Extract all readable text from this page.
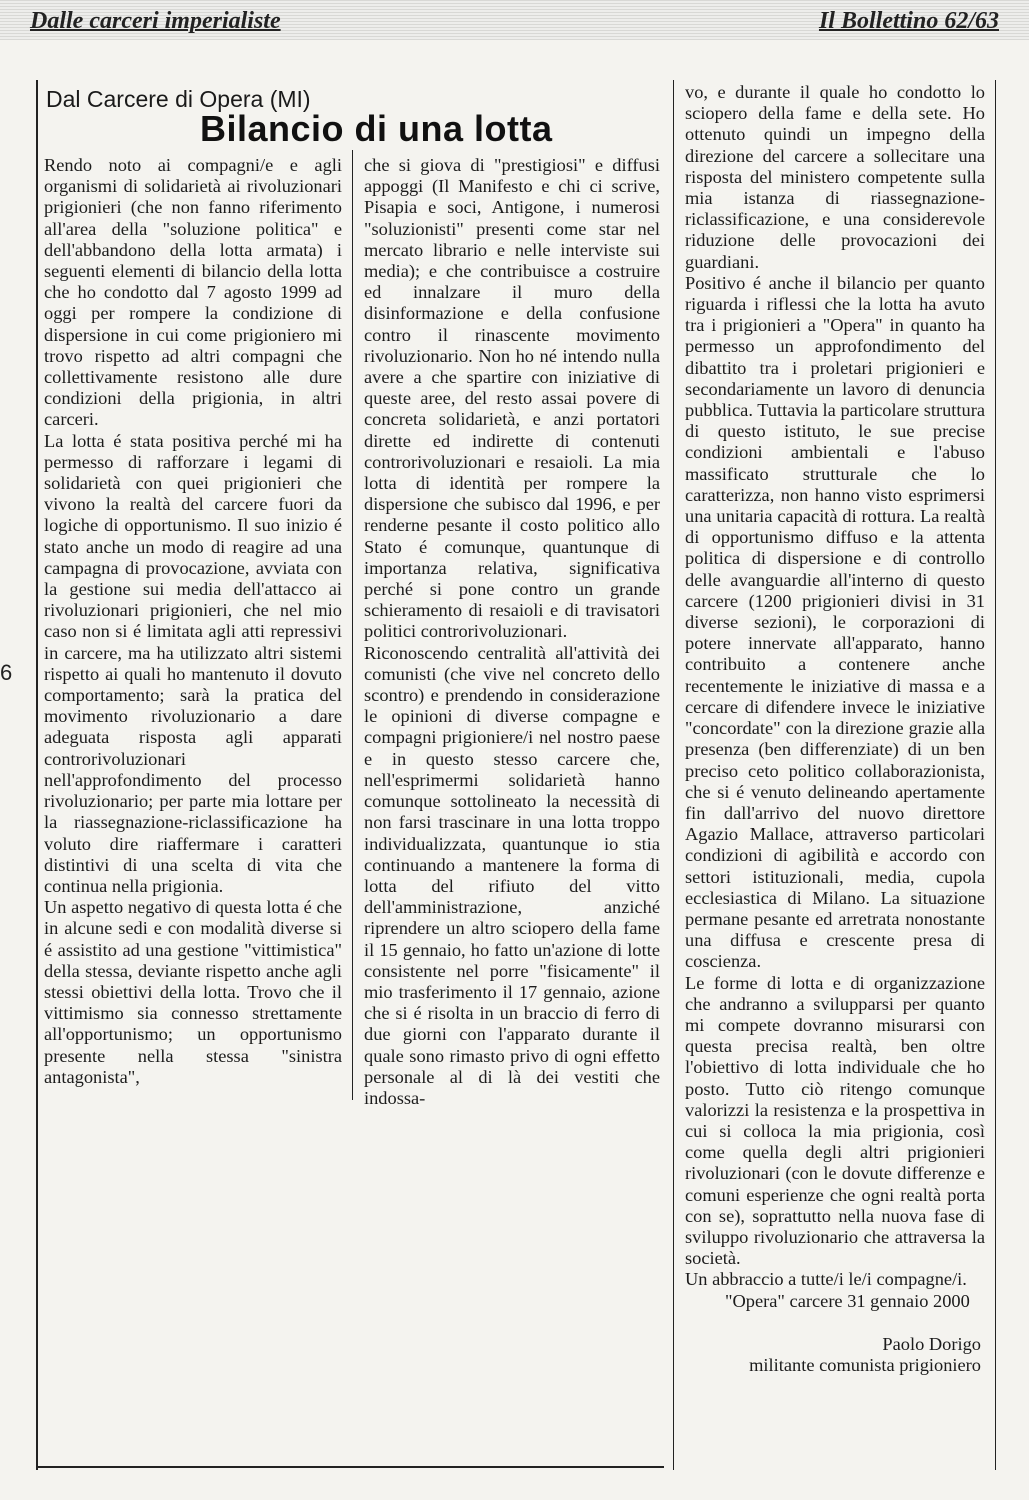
Dalle carceri imperialiste	Il Bollettino 62/63
6
Dal Carcere di Opera (MI)
Bilancio di una lotta

Rendo noto ai compagni/e e agli organismi di solidarietà ai rivoluzionari prigionieri (che non fanno riferimento all'area della "soluzione politica" e dell'abbandono della lotta armata) i seguenti elementi di bilancio della lotta che ho condotto dal 7 agosto 1999 ad oggi per rompere la condizione di dispersione in cui come prigioniero mi trovo rispetto ad altri compagni che collettivamente resistono alle dure condizioni della prigionia, in altri carceri.

La lotta é stata positiva perché mi ha permesso di rafforzare i legami di solidarietà con quei prigionieri che vivono la realtà del carcere fuori da logiche di opportunismo. Il suo inizio é stato anche un modo di reagire ad una campagna di provocazione, avviata con la gestione sui media dell'attacco ai rivoluzionari prigionieri, che nel mio caso non si é limitata agli atti repressivi in carcere, ma ha utilizzato altri sistemi rispetto ai quali ho mantenuto il dovuto comportamento; sarà la pratica del movimento rivoluzionario a dare adeguata risposta agli apparati controrivoluzionari nell'approfondimento del processo rivoluzionario; per parte mia lottare per la riassegnazione-riclassificazione ha voluto dire riaffermare i caratteri distintivi di una scelta di vita che continua nella prigionia.

Un aspetto negativo di questa lotta é che in alcune sedi e con modalità diverse si é assistito ad una gestione "vittimistica" della stessa, deviante rispetto anche agli stessi obiettivi della lotta. Trovo che il vittimismo sia connesso strettamente all'opportunismo; un opportunismo presente nella stessa "sinistra antagonista",

che si giova di "prestigiosi" e diffusi appoggi (Il Manifesto e chi ci scrive, Pisapia e soci, Antigone, i numerosi "soluzionisti" presenti come star nel mercato librario e nelle interviste sui media); e che contribuisce a costruire ed innalzare il muro della disinformazione e della confusione contro il rinascente movimento rivoluzionario. Non ho né intendo nulla avere a che spartire con iniziative di queste aree, del resto assai povere di concreta solidarietà, e anzi portatori dirette ed indirette di contenuti controrivoluzionari e resaioli. La mia lotta di identità per rompere la dispersione che subisco dal 1996, e per renderne pesante il costo politico allo Stato é comunque, quantunque di importanza relativa, significativa perché si pone contro un grande schieramento di resaioli e di travisatori politici controrivoluzionari.

Riconoscendo centralità all'attività dei comunisti (che vive nel concreto dello scontro) e prendendo in considerazione le opinioni di diverse compagne e compagni prigioniere/i nel nostro paese e in questo stesso carcere che, nell'esprimermi solidarietà hanno comunque sottolineato la necessità di non farsi trascinare in una lotta troppo individualizzata, quantunque io stia continuando a mantenere la forma di lotta del rifiuto del vitto dell'amministrazione, anziché riprendere un altro sciopero della fame il 15 gennaio, ho fatto un'azione di lotte consistente nel porre "fisicamente" il mio trasferimento il 17 gennaio, azione che si é risolta in un braccio di ferro di due giorni con l'apparato durante il quale sono rimasto privo di ogni effetto personale al di là dei vestiti che indossa-

vo, e durante il quale ho condotto lo sciopero della fame e della sete. Ho ottenuto quindi un impegno della direzione del carcere a sollecitare una risposta del ministero competente sulla mia istanza di riassegnazione-riclassificazione, e una considerevole riduzione delle provocazioni dei guardiani.

Positivo é anche il bilancio per quanto riguarda i riflessi che la lotta ha avuto tra i prigionieri a "Opera" in quanto ha permesso un approfondimento del dibattito tra i proletari prigionieri e secondariamente un lavoro di denuncia pubblica. Tuttavia la particolare struttura di questo istituto, le sue precise condizioni ambientali e l'abuso massificato strutturale che lo caratterizza, non hanno visto esprimersi una unitaria capacità di rottura. La realtà di opportunismo diffuso e la attenta politica di dispersione e di controllo delle avanguardie all'interno di questo carcere (1200 prigionieri divisi in 31 diverse sezioni), le corporazioni di potere innervate all'apparato, hanno contribuito a contenere anche recentemente le iniziative di massa e a cercare di difendere invece le iniziative "concordate" con la direzione grazie alla presenza (ben differenziate) di un ben preciso ceto politico collaborazionista, che si é venuto delineando apertamente fin dall'arrivo del nuovo direttore Agazio Mallace, attraverso particolari condizioni di agibilità e accordo con settori istituzionali, media, cupola ecclesiastica di Milano. La situazione permane pesante ed arretrata nonostante una diffusa e crescente presa di coscienza.

Le forme di lotta e di organizzazione che andranno a svilupparsi per quanto mi compete dovranno misurarsi con questa precisa realtà, ben oltre l'obiettivo di lotta individuale che ho posto. Tutto ciò ritengo comunque valorizzi la resistenza e la prospettiva in cui si colloca la mia prigionia, così come quella degli altri prigionieri rivoluzionari (con le dovute differenze e comuni esperienze che ogni realtà porta con se), soprattutto nella nuova fase di sviluppo rivoluzionario che attraversa la società.

Un abbraccio a tutte/i le/i compagne/i.

"Opera" carcere 31 gennaio 2000

Paolo Dorigo

militante comunista prigioniero
